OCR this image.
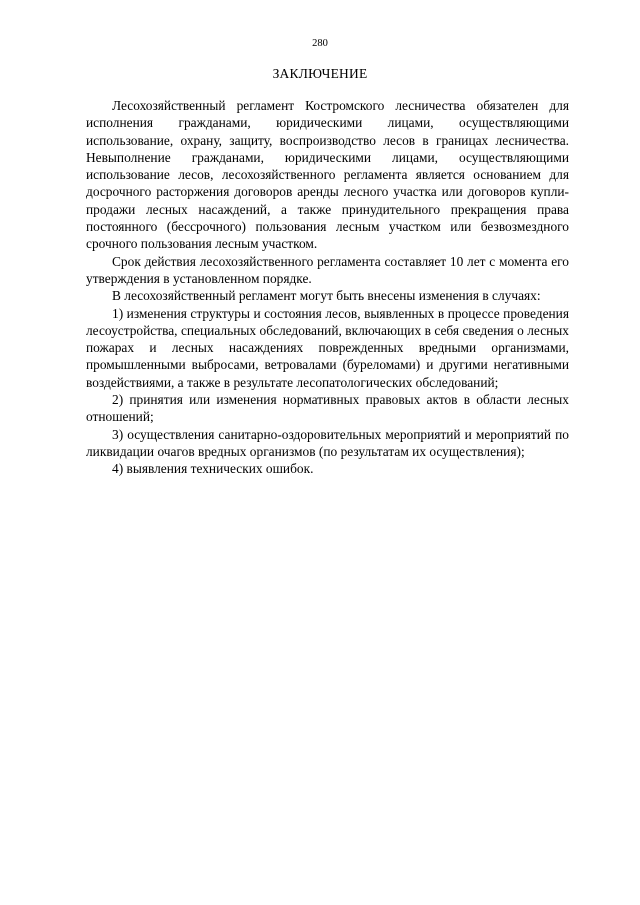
280
ЗАКЛЮЧЕНИЕ

Лесохозяйственный регламент Костромского лесничества обязателен для исполнения гражданами, юридическими лицами, осуществляющими использование, охрану, защиту, воспроизводство лесов в границах лесничества. Невыполнение гражданами, юридическими лицами, осуществляющими использование лесов, лесохозяйственного регламента является основанием для досрочного расторжения договоров аренды лесного участка или договоров купли-продажи лесных насаждений, а также принудительного прекращения права постоянного (бессрочного) пользования лесным участком или безвозмездного срочного пользования лесным участком.

Срок действия лесохозяйственного регламента составляет 10 лет с момента его утверждения в установленном порядке.

В лесохозяйственный регламент могут быть внесены изменения в случаях:

1) изменения структуры и состояния лесов, выявленных в процессе проведения лесоустройства, специальных обследований, включающих в себя сведения о лесных пожарах и лесных насаждениях поврежденных вредными организмами, промышленными выбросами, ветровалами (буреломами) и другими негативными воздействиями, а также в результате лесопатологических обследований;

2) принятия или изменения нормативных правовых актов в области лесных отношений;

3) осуществления санитарно-оздоровительных мероприятий и мероприятий по ликвидации очагов вредных организмов (по результатам их осуществления);

4) выявления технических ошибок.
